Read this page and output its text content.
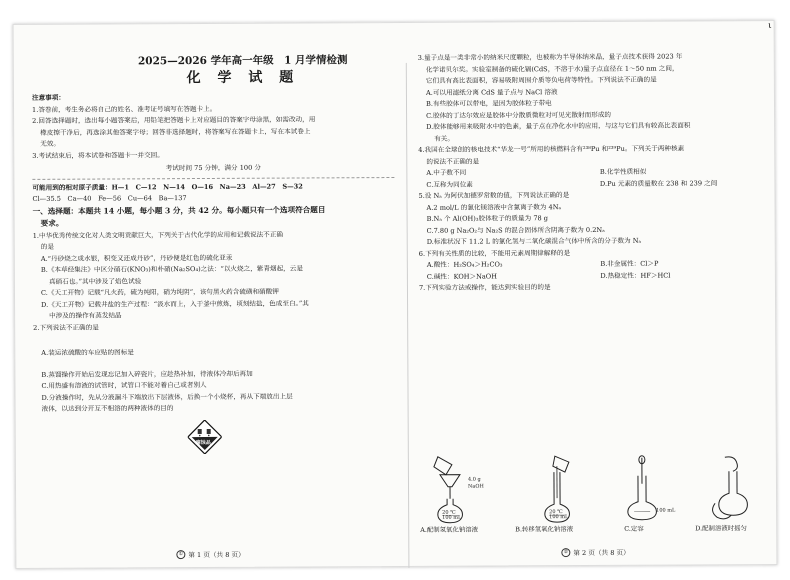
ι
2025—2026 学年高一年级　1 月学情检测
化 学 试 题
注意事项：
1.答卷前，考生务必将自己的姓名、准考证号填写在答题卡上。
2.回答选择题时，选出每小题答案后，用铅笔把答题卡上对应题目的答案字母涂黑，如需改动，用
橡皮擦干净后，再选涂其他答案字母；回答非选择题时，将答案写在答题卡上，写在本试卷上
无效。
3.考试结束后，将本试卷和答题卡一并交回。
考试时间 75 分钟，满分 100 分
可能用到的相对原子质量：H—1　C—12　N—14　O—16　Na—23　Al—27　S—32
Cl—35.5　Ca—40　Fe—56　Cu—64　Ba—137
一、选择题：本题共 14 小题，每小题 3 分，共 42 分。每小题只有一个选项符合题目
要求。
1.中华优秀传统文化对人类文明贡献巨大，下列关于古代化学的应用和记载说法不正确
的是
A.“丹砂烧之成水银，积变又还成丹砂”，丹砂便是红色的硫化亚汞
B.《本草经集注》中区分硝石(KNO₃)和朴硝(Na₂SO₄)之法：“以火烧之，紫青烟起，云是
真硝石也。”其中涉及了焰色试验
C.《天工开物》记载“凡火药，硫为纯阳，硝为纯阴”，该句黑火药含硫磺和硝酸钾
D.《天工开物》记载井盐的生产过程：“汲水而上，入于釜中煎炼，顷刻结盐，色成至白。”其
中涉及的操作有蒸发结晶
2.下列说法不正确的是
A.装运浓硫酸的车应贴的图标是
B.蒸馏操作开始后发现忘记加入碎瓷片，应趁热补加，待液体冷却后再加
C.用热盛有溶液的试管时，试管口不能对着自己或者别人
D.分液操作时，先从分液漏斗下端放出下层液体，后换一个小烧杯，再从下端放出上层
液体，以达到分开互不相溶的两种液体的目的
腐蚀品
① 第 1 页（共 8 页）
3.量子点是一类非常小的纳米尺度颗粒，也被称为半导体纳米晶，量子点技术获得 2023 年
化学诺贝尔奖。实验室制备的硫化镉(CdS，不溶于水)量子点直径在 1～50 nm 之间，
它们具有高比表面积，容易吸附周围介质等负电荷等特性。下列说法不正确的是
A.可以用滤纸分离 CdS 量子点与 NaCl 溶液
B.有些胶体可以带电，是因为胶体粒子带电
C.胶体的丁达尔效应是胶体中分散质微粒对可见光散射而形成的
D.胶体能够用来吸附水中的色素，量子点在净化水中的应用，与这与它们具有较高比表面积
有关。
4.我国在全球创的核电技术“华龙一号”所用的核燃料含有²³⁸Pu 和²³⁹Pu。下列关于两种核素
的说法不正确的是
A.中子数不同	B.化学性质相似
C.互称为同位素	D.Pu 元素的质量数在 238 和 239 之间
5.设 Nₐ 为阿伏加德罗常数的值，下列说法正确的是
A.2 mol/L 的氯化镁溶液中含氯离子数为 4Nₐ
B.Nₐ 个 Al(OH)₃胶体粒子的质量为 78 g
C.7.80 g Na₂O₂与 Na₂S 的混合固体所含阴离子数为 0.2Nₐ
D.标准状况下 11.2 L 的氯化氢与二氧化碳混合气体中所含的分子数为 Nₐ
6.下列有关性质的比较，不能用元素周期律解释的是
A.酸性：H₂SO₄＞H₂CO₃	B.非金属性：Cl＞P
C.碱性：KOH＞NaOH	D.热稳定性：HF＞HCl
7.下列实验方法或操作，能达到实验目的的是
4.0 g
NaOH
20 ℃
100 mL
A.配制氢氧化钠溶液
20 ℃
100 mL
B.转移氢氧化钠溶液
100 mL
C.定容	D.配制溶液时摇匀
② 第 2 页（共 8 页）
